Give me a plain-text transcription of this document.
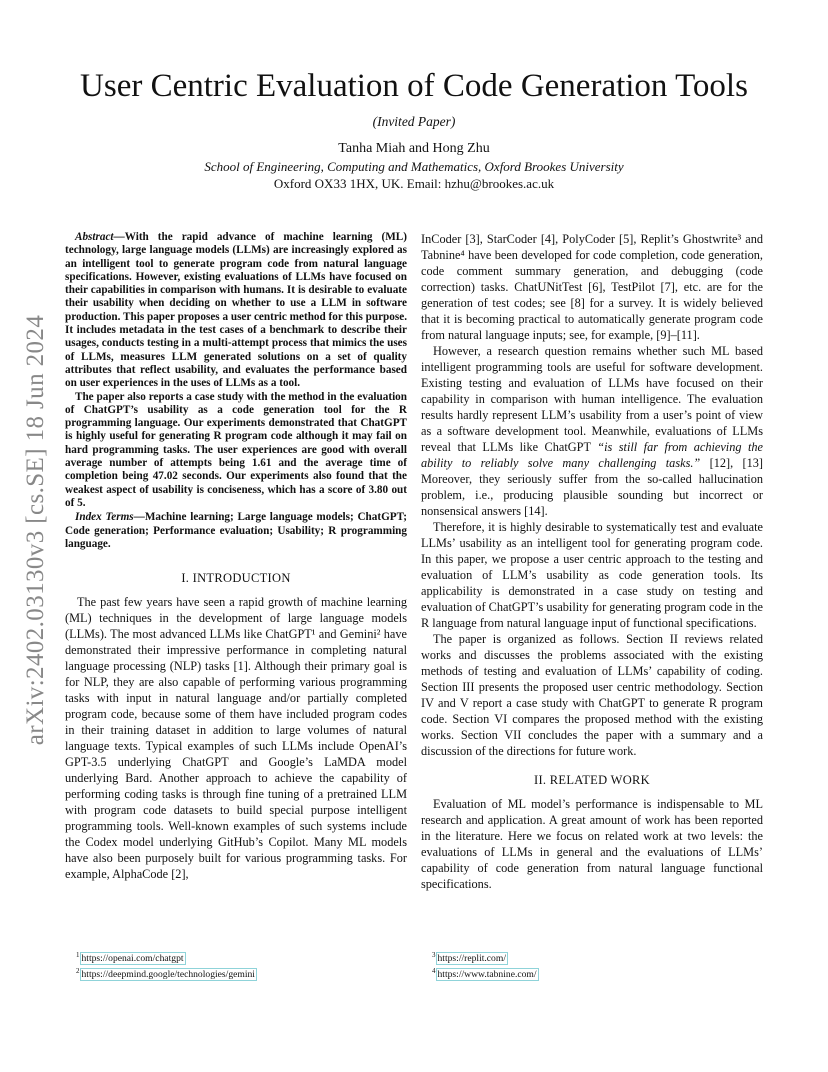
arXiv:2402.03130v3 [cs.SE] 18 Jun 2024
User Centric Evaluation of Code Generation Tools
(Invited Paper)
Tanha Miah and Hong Zhu
School of Engineering, Computing and Mathematics, Oxford Brookes University
Oxford OX33 1HX, UK. Email: hzhu@brookes.ac.uk

Abstract—With the rapid advance of machine learning (ML) technology, large language models (LLMs) are increasingly explored as an intelligent tool to generate program code from natural language specifications. However, existing evaluations of LLMs have focused on their capabilities in comparison with humans. It is desirable to evaluate their usability when deciding on whether to use a LLM in software production. This paper proposes a user centric method for this purpose. It includes metadata in the test cases of a benchmark to describe their usages, conducts testing in a multi-attempt process that mimics the uses of LLMs, measures LLM generated solutions on a set of quality attributes that reflect usability, and evaluates the performance based on user experiences in the uses of LLMs as a tool.

The paper also reports a case study with the method in the evaluation of ChatGPT’s usability as a code generation tool for the R programming language. Our experiments demonstrated that ChatGPT is highly useful for generating R program code although it may fail on hard programming tasks. The user experiences are good with overall average number of attempts being 1.61 and the average time of completion being 47.02 seconds. Our experiments also found that the weakest aspect of usability is conciseness, which has a score of 3.80 out of 5.

Index Terms—Machine learning; Large language models; ChatGPT; Code generation; Performance evaluation; Usability; R programming language.

I. INTRODUCTION

The past few years have seen a rapid growth of machine learning (ML) techniques in the development of large language models (LLMs). The most advanced LLMs like ChatGPT¹ and Gemini² have demonstrated their impressive performance in completing natural language processing (NLP) tasks [1]. Although their primary goal is for NLP, they are also capable of performing various programming tasks with input in natural language and/or partially completed program code, because some of them have included program codes in their training dataset in addition to large volumes of natural language texts. Typical examples of such LLMs include OpenAI’s GPT-3.5 underlying ChatGPT and Google’s LaMDA model underlying Bard. Another approach to achieve the capability of performing coding tasks is through fine tuning of a pretrained LLM with program code datasets to build special purpose intelligent programming tools. Well-known examples of such systems include the Codex model underlying GitHub’s Copilot. Many ML models have also been purposely built for various programming tasks. For example, AlphaCode [2],

InCoder [3], StarCoder [4], PolyCoder [5], Replit’s Ghostwrite³ and Tabnine⁴ have been developed for code completion, code generation, code comment summary generation, and debugging (code correction) tasks. ChatUNitTest [6], TestPilot [7], etc. are for the generation of test codes; see [8] for a survey. It is widely believed that it is becoming practical to automatically generate program code from natural language inputs; see, for example, [9]–[11].

However, a research question remains whether such ML based intelligent programming tools are useful for software development. Existing testing and evaluation of LLMs have focused on their capability in comparison with human intelligence. The evaluation results hardly represent LLM’s usability from a user’s point of view as a software development tool. Meanwhile, evaluations of LLMs reveal that LLMs like ChatGPT “is still far from achieving the ability to reliably solve many challenging tasks.” [12], [13] Moreover, they seriously suffer from the so-called hallucination problem, i.e., producing plausible sounding but incorrect or nonsensical answers [14].

Therefore, it is highly desirable to systematically test and evaluate LLMs’ usability as an intelligent tool for generating program code. In this paper, we propose a user centric approach to the testing and evaluation of LLM’s usability as code generation tools. Its applicability is demonstrated in a case study on testing and evaluation of ChatGPT’s usability for generating program code in the R language from natural language input of functional specifications.

The paper is organized as follows. Section II reviews related works and discusses the problems associated with the existing methods of testing and evaluation of LLMs’ capability of coding. Section III presents the proposed user centric methodology. Section IV and V report a case study with ChatGPT to generate R program code. Section VI compares the proposed method with the existing works. Section VII concludes the paper with a summary and a discussion of the directions for future work.

II. RELATED WORK

Evaluation of ML model’s performance is indispensable to ML research and application. A great amount of work has been reported in the literature. Here we focus on related work at two levels: the evaluations of LLMs in general and the evaluations of LLMs’ capability of code generation from natural language functional specifications.

$^1$ https://openai.com/chatgpt
$^2$ https://deepmind.google/technologies/gemini
$^3$ https://replit.com/
$^4$ https://www.tabnine.com/
